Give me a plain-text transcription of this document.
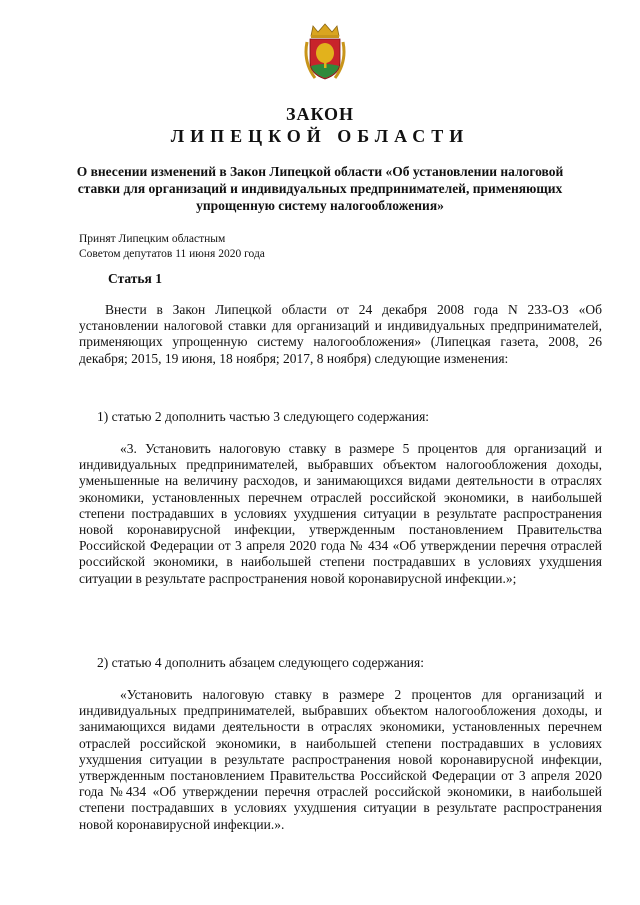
ЗАКОН
ЛИПЕЦКОЙ ОБЛАСТИ
О внесении изменений в Закон Липецкой области «Об установлении налоговой ставки для организаций и индивидуальных предпринимателей, применяющих упрощенную систему налогообложения»
Принят Липецким областным
Советом депутатов 11 июня 2020 года
Статья 1
Внести в Закон Липецкой области от 24 декабря 2008 года N 233-ОЗ «Об установлении налоговой ставки для организаций и индивидуальных предпринимателей, применяющих упрощенную систему налогообложения» (Липецкая газета, 2008, 26 декабря; 2015, 19 июня, 18 ноября; 2017, 8 ноября) следующие изменения:
1) статью 2 дополнить частью 3 следующего содержания:
«3. Установить налоговую ставку в размере 5 процентов для организаций и индивидуальных предпринимателей, выбравших объектом налогообложения доходы, уменьшенные на величину расходов, и занимающихся видами деятельности в отраслях экономики, установленных перечнем отраслей российской экономики, в наибольшей степени пострадавших в условиях ухудшения ситуации в результате распространения новой коронавирусной инфекции, утвержденным постановлением Правительства Российской Федерации от 3 апреля 2020 года № 434 «Об утверждении перечня отраслей российской экономики, в наибольшей степени пострадавших в условиях ухудшения ситуации в результате распространения новой коронавирусной инфекции.»;
2) статью 4 дополнить абзацем следующего содержания:
«Установить налоговую ставку в размере 2 процентов для организаций и индивидуальных предпринимателей, выбравших объектом налогообложения доходы, и занимающихся видами деятельности в отраслях экономики, установленных перечнем отраслей российской экономики, в наибольшей степени пострадавших в условиях ухудшения ситуации в результате распространения новой коронавирусной инфекции, утвержденным постановлением Правительства Российской Федерации от 3 апреля 2020 года №434 «Об утверждении перечня отраслей российской экономики, в наибольшей степени пострадавших в условиях ухудшения ситуации в результате распространения новой коронавирусной инфекции.».
